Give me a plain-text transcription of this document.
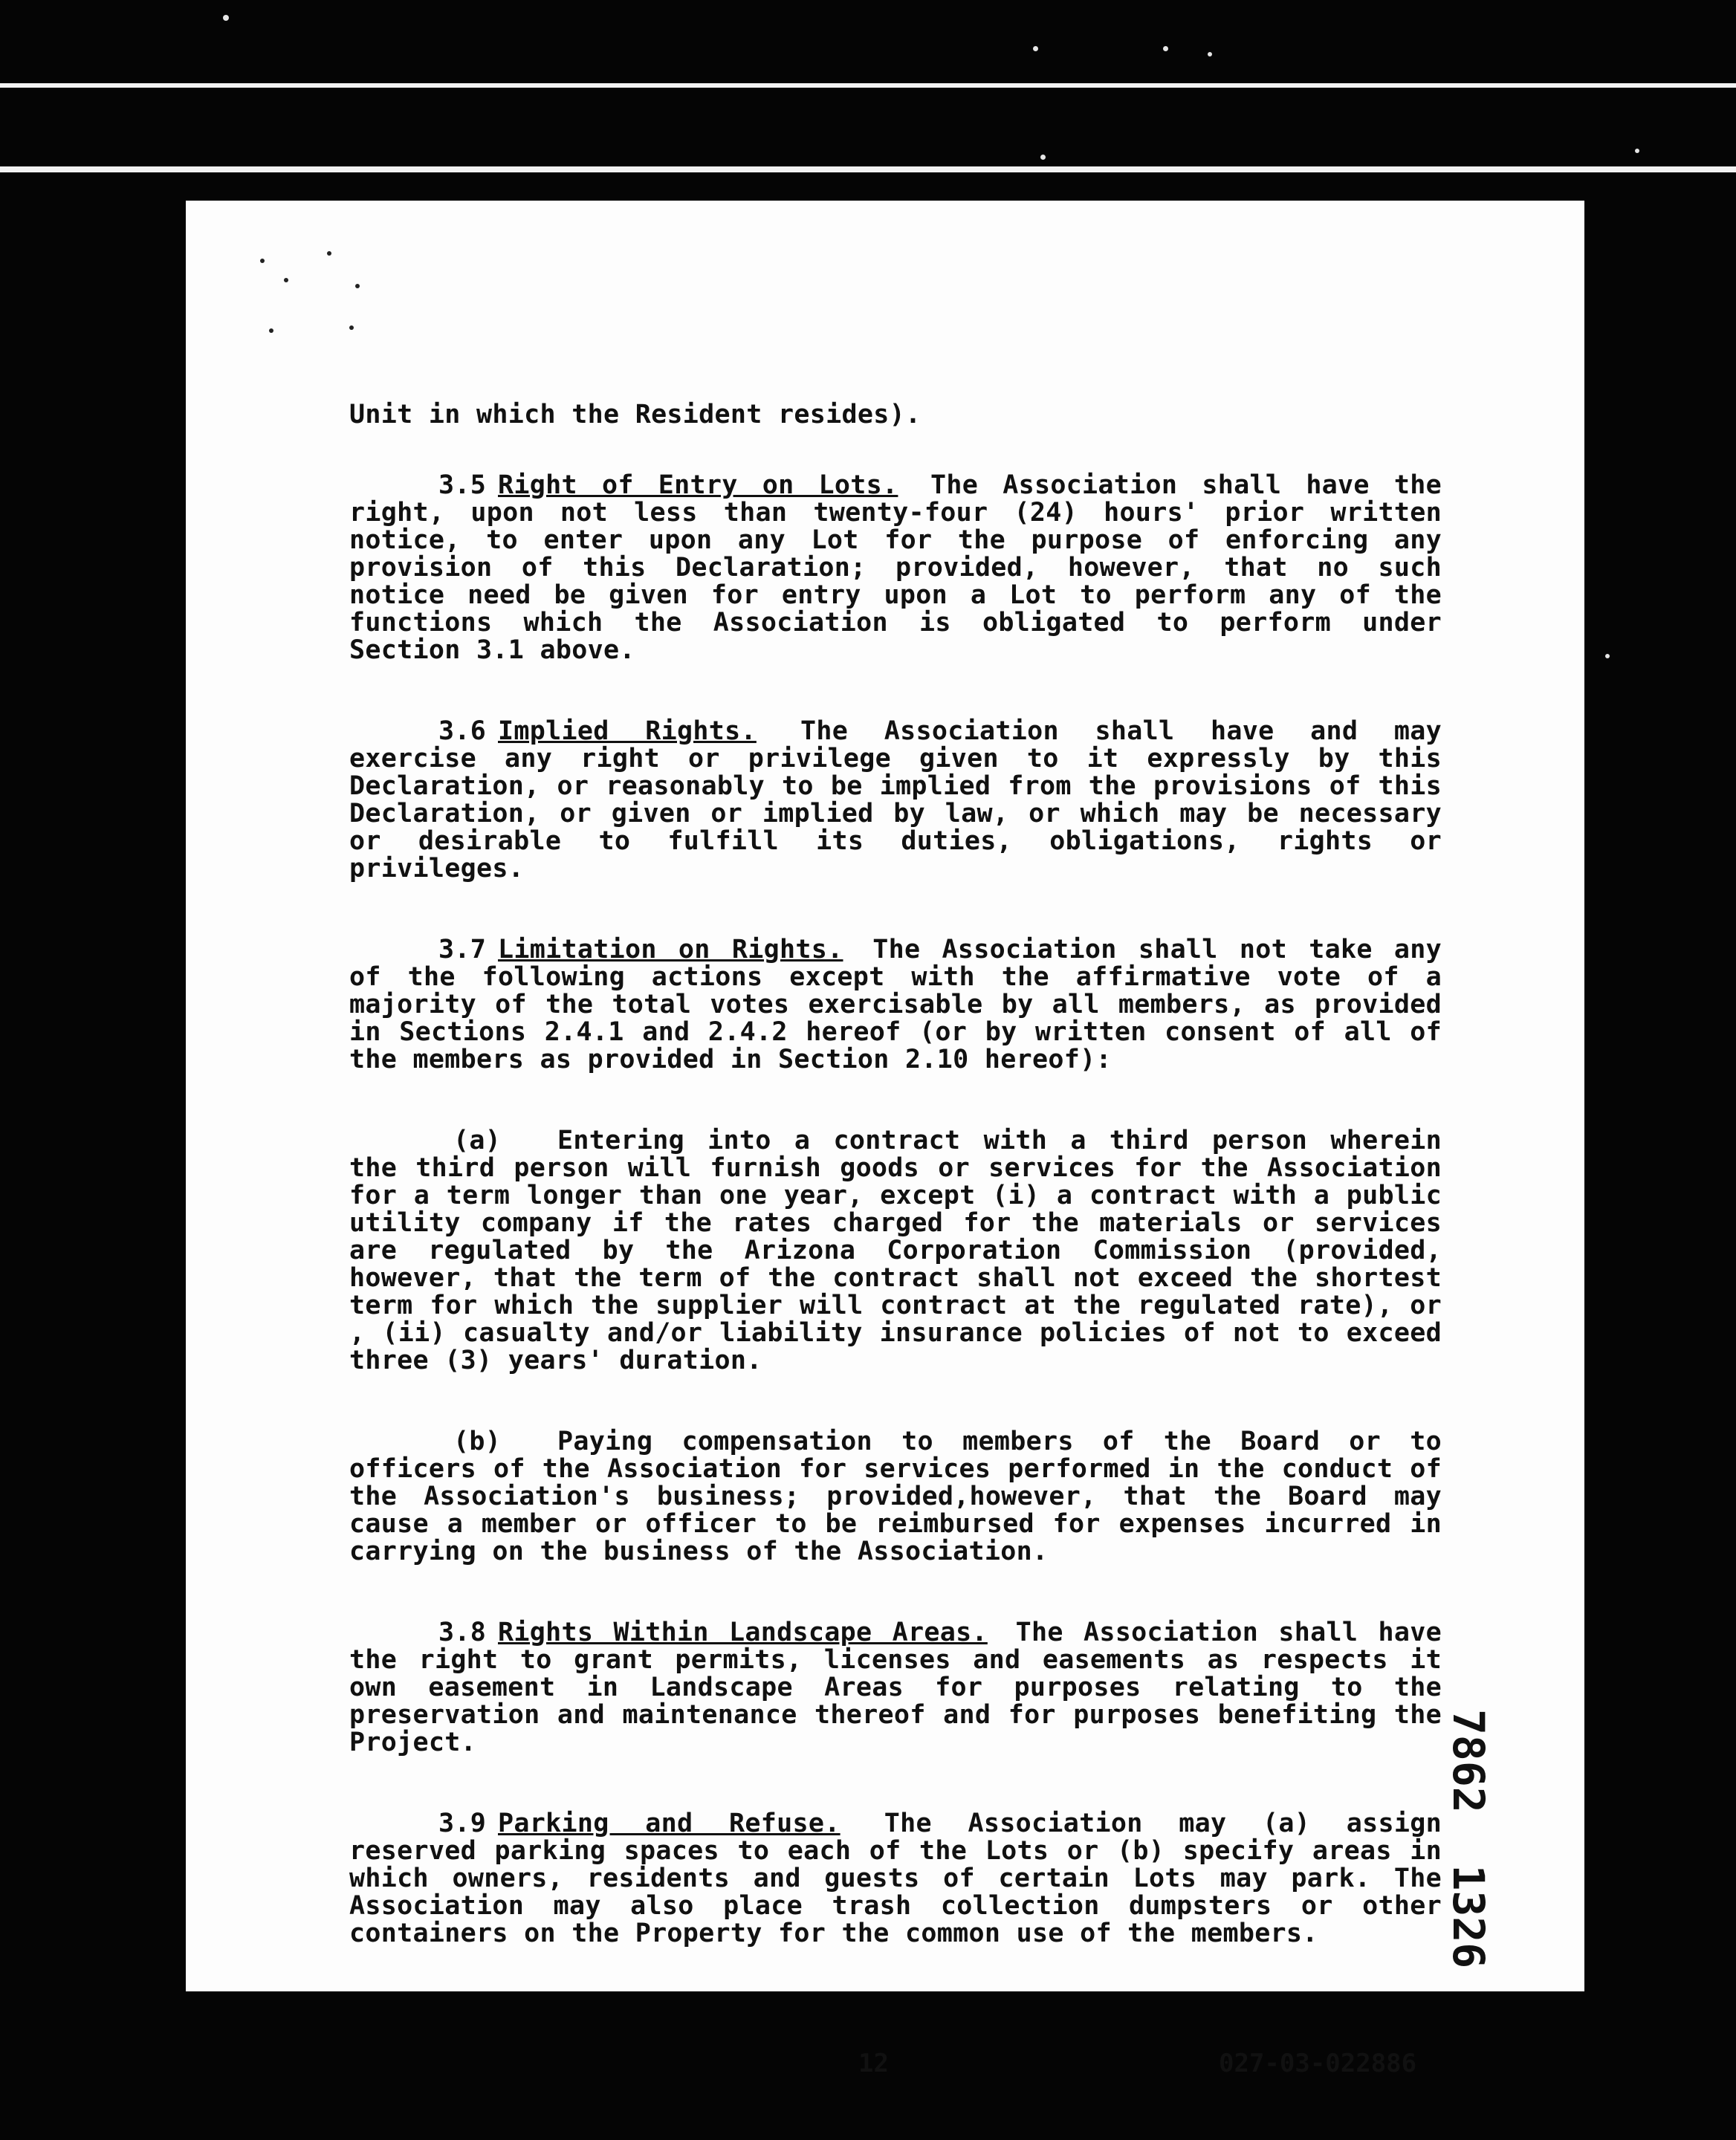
Unit in which the Resident resides).

3.5 Right of Entry on Lots. The Association shall have the right, upon not less than twenty-four (24) hours' prior written notice, to enter upon any Lot for the purpose of enforcing any provision of this Declaration; provided, however, that no such notice need be given for entry upon a Lot to perform any of the functions which the Association is obligated to perform under Section 3.1 above.

3.6 Implied Rights. The Association shall have and may exercise any right or privilege given to it expressly by this Declaration, or reasonably to be implied from the provisions of this Declaration, or given or implied by law, or which may be necessary or desirable to fulfill its duties, obligations, rights or privileges.

3.7 Limitation on Rights. The Association shall not take any of the following actions except with the affirmative vote of a majority of the total votes exercisable by all members, as provided in Sections 2.4.1 and 2.4.2 hereof (or by written consent of all of the members as provided in Section 2.10 hereof):

(a) Entering into a contract with a third person wherein the third person will furnish goods or services for the Association for a term longer than one year, except (i) a contract with a public utility company if the rates charged for the materials or services are regulated by the Arizona Corporation Commission (provided, however, that the term of the contract shall not exceed the shortest term for which the supplier will contract at the regulated rate), or , (ii) casualty and/or liability insurance policies of not to exceed three (3) years' duration.

(b) Paying compensation to members of the Board or to officers of the Association for services performed in the conduct of the Association's business; provided,however, that the Board may cause a member or officer to be reimbursed for expenses incurred in carrying on the business of the Association.

3.8 Rights Within Landscape Areas. The Association shall have the right to grant permits, licenses and easements as respects it own easement in Landscape Areas for purposes relating to the preservation and maintenance thereof and for purposes benefiting the Project.

3.9 Parking and Refuse. The Association may (a) assign reserved parking spaces to each of the Lots or (b) specify areas in which owners, residents and guests of certain Lots may park. The Association may also place trash collection dumpsters or other containers on the Property for the common use of the members.	7862  1326
12	027-03-022886
